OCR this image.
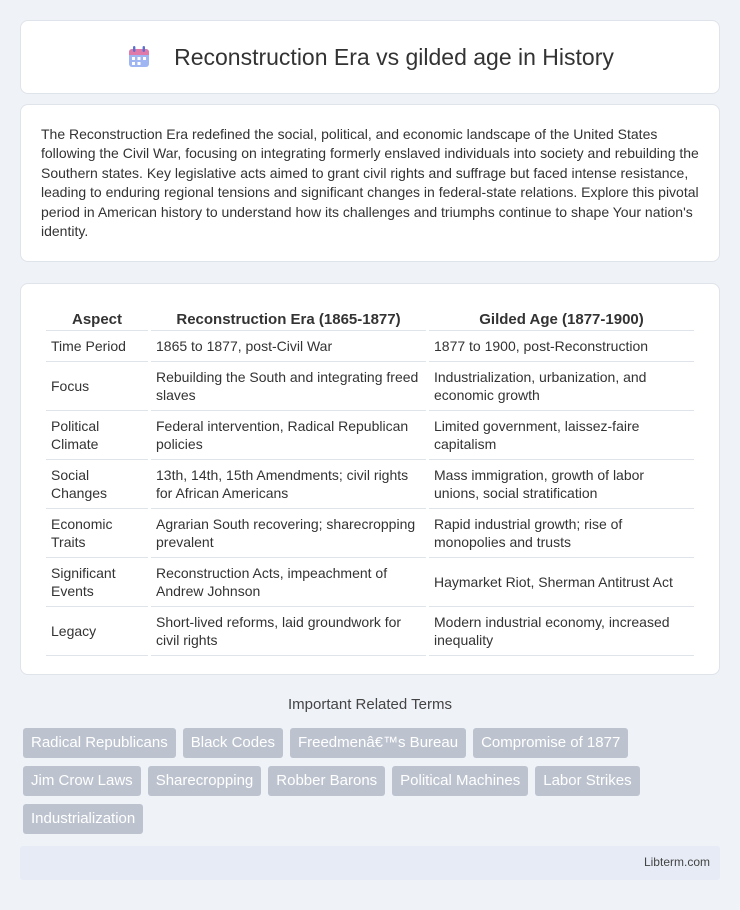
Reconstruction Era vs gilded age in History

The Reconstruction Era redefined the social, political, and economic landscape of the United States following the Civil War, focusing on integrating formerly enslaved individuals into society and rebuilding the Southern states. Key legislative acts aimed to grant civil rights and suffrage but faced intense resistance, leading to enduring regional tensions and significant changes in federal-state relations. Explore this pivotal period in American history to understand how its challenges and triumphs continue to shape Your nation's identity.

Aspect	Reconstruction Era (1865-1877)	Gilded Age (1877-1900)
Time Period	1865 to 1877, post-Civil War	1877 to 1900, post-Reconstruction
Focus	Rebuilding the South and integrating freed slaves	Industrialization, urbanization, and economic growth
Political Climate	Federal intervention, Radical Republican policies	Limited government, laissez-faire capitalism
Social Changes	13th, 14th, 15th Amendments; civil rights for African Americans	Mass immigration, growth of labor unions, social stratification
Economic Traits	Agrarian South recovering; sharecropping prevalent	Rapid industrial growth; rise of monopolies and trusts
Significant Events	Reconstruction Acts, impeachment of Andrew Johnson	Haymarket Riot, Sherman Antitrust Act
Legacy	Short-lived reforms, laid groundwork for civil rights	Modern industrial economy, increased inequality
Important Related Terms
Radical Republicans	Black Codes	Freedmenâ€™s Bureau	Compromise of 1877
Jim Crow Laws	Sharecropping	Robber Barons	Political Machines	Labor Strikes
Industrialization
Libterm.com
